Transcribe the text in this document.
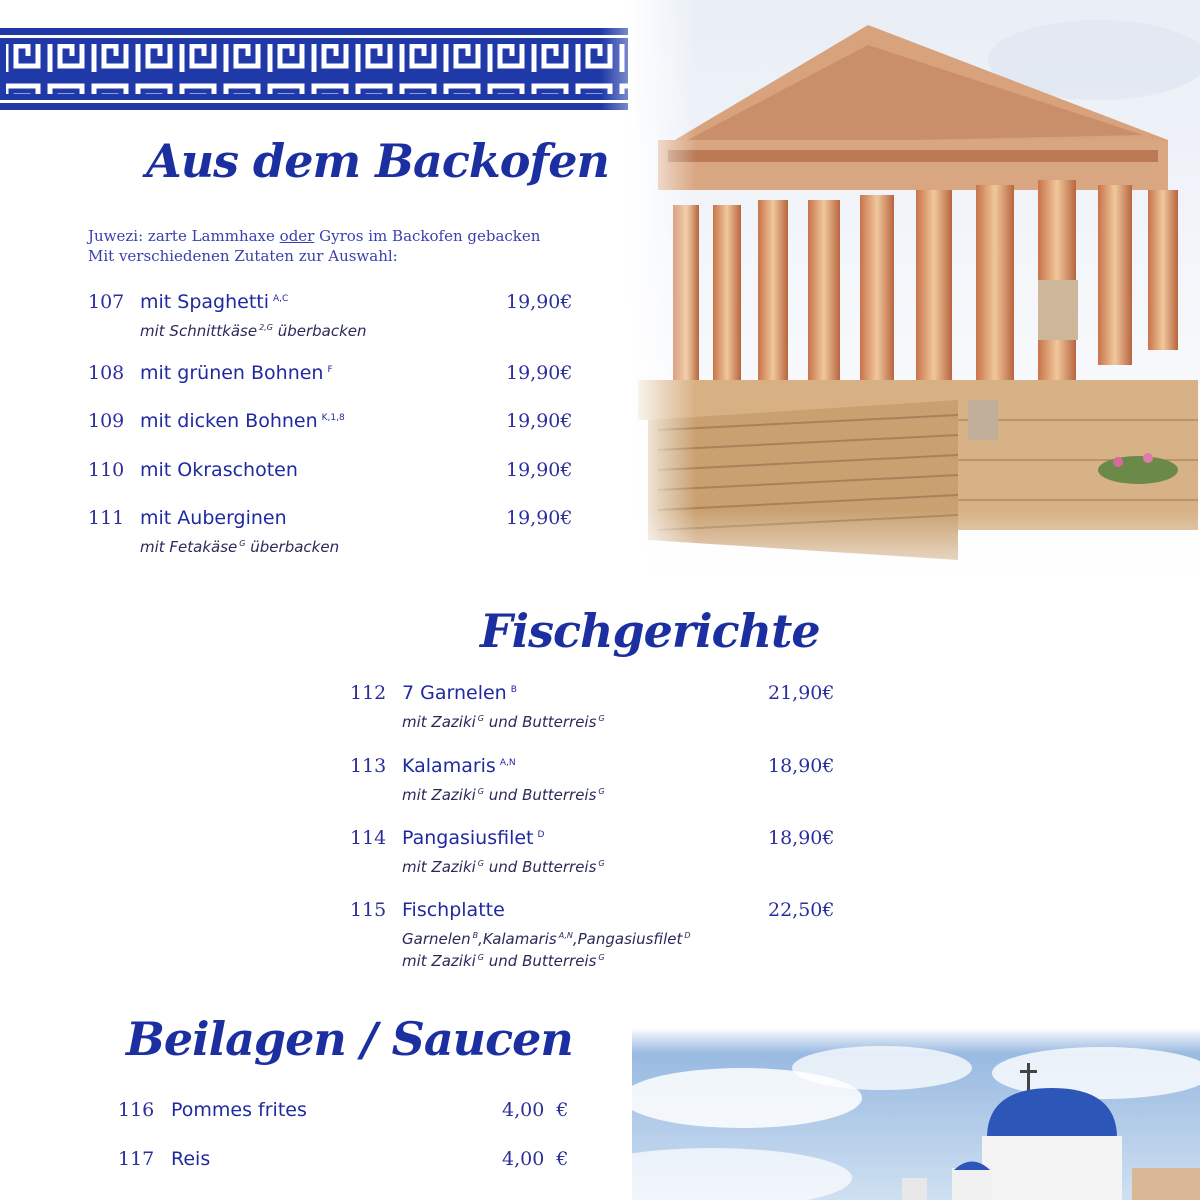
Aus dem Backofen
Juwezi: zarte Lammhaxe oder Gyros im Backofen gebacken
Mit verschiedenen Zutaten zur Auswahl:
107 mit Spaghetti $^{A,C}$	19,90€
mit Schnittkäse $^{2,G}$ überbacken
108 mit grünen Bohnen $^F$	19,90€
109 mit dicken Bohnen $^{K,1,8}$	19,90€
110 mit Okraschoten	19,90€
111 mit Auberginen	19,90€
mit Fetakäse $^G$ überbacken
Fischgerichte
112 7 Garnelen $^B$	21,90€
mit Zaziki $^G$ und Butterreis $^G$
113 Kalamaris $^{A,N}$	18,90€
mit Zaziki $^G$ und Butterreis $^G$
114 Pangasiusfilet $^D$	18,90€
mit Zaziki $^G$ und Butterreis $^G$
115 Fischplatte	22,50€
Garnelen $^B$,Kalamaris $^{A,N}$,Pangasiusfilet $^D$
mit Zaziki $^G$ und Butterreis $^G$
Beilagen / Saucen
116 Pommes frites	4,00  €
117 Reis	4,00  €
